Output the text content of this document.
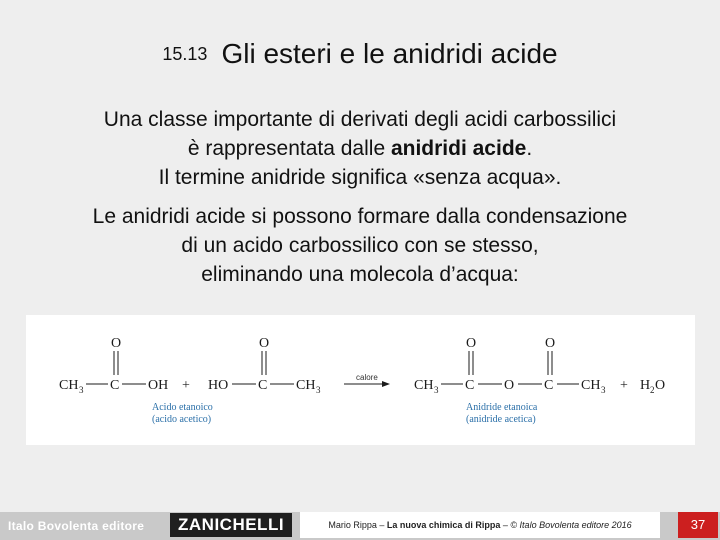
15.13 Gli esteri e le anidridi acide
Una classe importante di derivati degli acidi carbossilici
è rappresentata dalle anidridi acide.
Il termine anidride significa «senza acqua».
Le anidridi acide si possono formare dalla condensazione
di un acido carbossilico con se stesso,
eliminando una molecola d’acqua:
CH 3 C
O
OH + HO C
O
CH 3
Acido etanoico
(acido acetico)
calore
CH 3 C
O
O C
O
CH 3 + H 2 O
Anidride etanoica
(anidride acetica)
Italo Bovolenta editore	ZANICHELLI	Mario Rippa – La nuova chimica di Rippa – © Italo Bovolenta editore 2016	37
